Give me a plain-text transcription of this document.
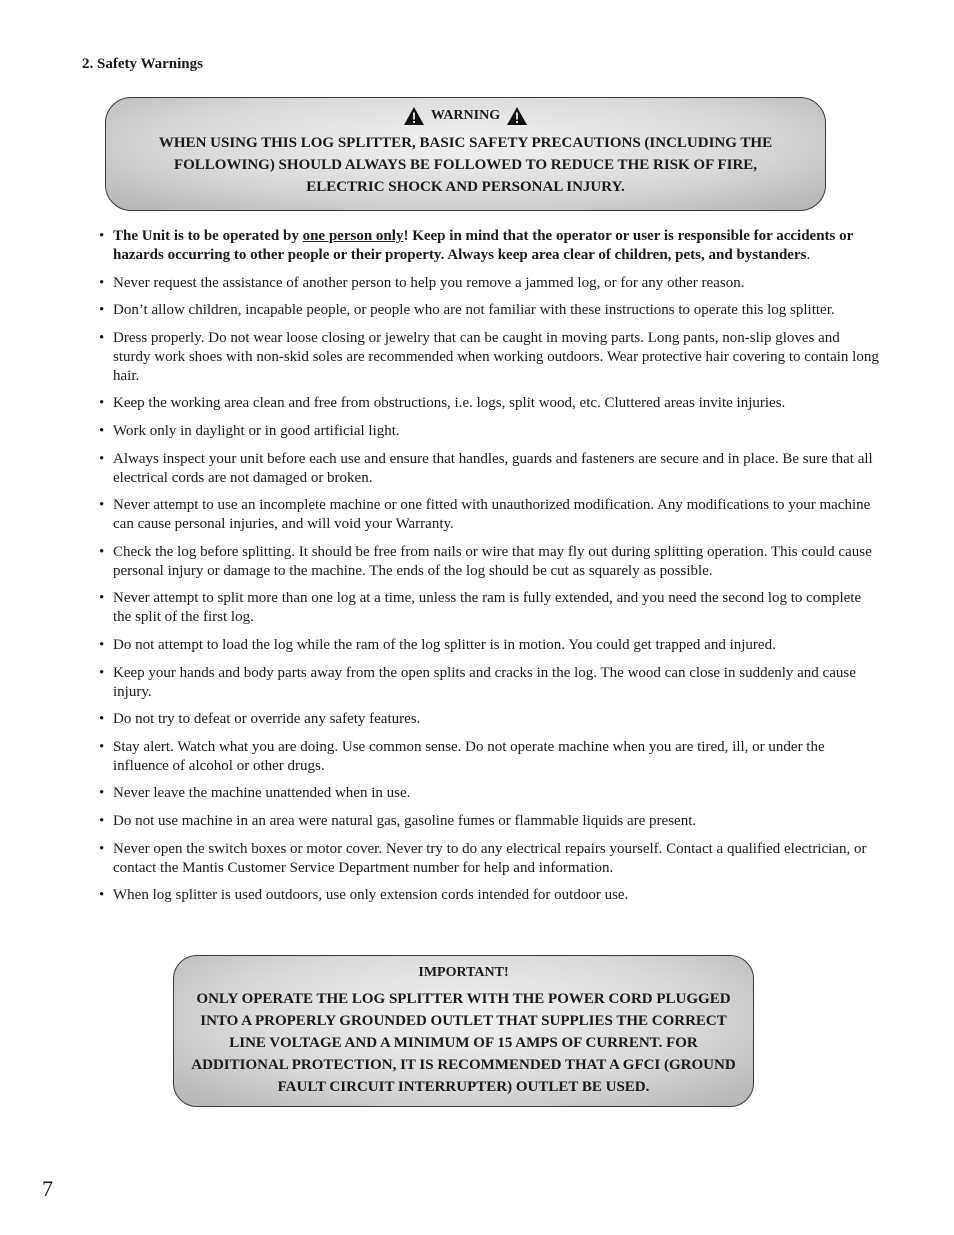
2. Safety Warnings
WARNING

WHEN USING THIS LOG SPLITTER, BASIC SAFETY PRECAUTIONS (INCLUDING THE FOLLOWING) SHOULD ALWAYS BE FOLLOWED TO REDUCE THE RISK OF FIRE, ELECTRIC SHOCK AND PERSONAL INJURY.

• The Unit is to be operated by one person only! Keep in mind that the operator or user is responsible for accidents or hazards occurring to other people or their property. Always keep area clear of children, pets, and bystanders.
• Never request the assistance of another person to help you remove a jammed log, or for any other reason.
• Don’t allow children, incapable people, or people who are not familiar with these instructions to operate this log splitter.
• Dress properly. Do not wear loose closing or jewelry that can be caught in moving parts. Long pants, non-slip gloves and sturdy work shoes with non-skid soles are recommended when working outdoors. Wear protective hair covering to contain long hair.
• Keep the working area clean and free from obstructions, i.e. logs, split wood, etc. Cluttered areas invite injuries.
• Work only in daylight or in good artificial light.
• Always inspect your unit before each use and ensure that handles, guards and fasteners are secure and in place. Be sure that all electrical cords are not damaged or broken.
• Never attempt to use an incomplete machine or one fitted with unauthorized modification. Any modifications to your machine can cause personal injuries, and will void your Warranty.
• Check the log before splitting. It should be free from nails or wire that may fly out during splitting operation. This could cause personal injury or damage to the machine. The ends of the log should be cut as squarely as possible.
• Never attempt to split more than one log at a time, unless the ram is fully extended, and you need the second log to complete the split of the first log.
• Do not attempt to load the log while the ram of the log splitter is in motion. You could get trapped and injured.
• Keep your hands and body parts away from the open splits and cracks in the log. The wood can close in suddenly and cause injury.
• Do not try to defeat or override any safety features.
• Stay alert. Watch what you are doing. Use common sense. Do not operate machine when you are tired, ill, or under the influence of alcohol or other drugs.
• Never leave the machine unattended when in use.
• Do not use machine in an area were natural gas, gasoline fumes or flammable liquids are present.
• Never open the switch boxes or motor cover. Never try to do any electrical repairs yourself. Contact a qualified electrician, or contact the Mantis Customer Service Department number for help and information.
• When log splitter is used outdoors, use only extension cords intended for outdoor use.
IMPORTANT!

ONLY OPERATE THE LOG SPLITTER WITH THE POWER CORD PLUGGED INTO A PROPERLY GROUNDED OUTLET THAT SUPPLIES THE CORRECT LINE VOLTAGE AND A MINIMUM OF 15 AMPS OF CURRENT. FOR ADDITIONAL PROTECTION, IT IS RECOMMENDED THAT A GFCI (GROUND FAULT CIRCUIT INTERRUPTER) OUTLET BE USED.

7
